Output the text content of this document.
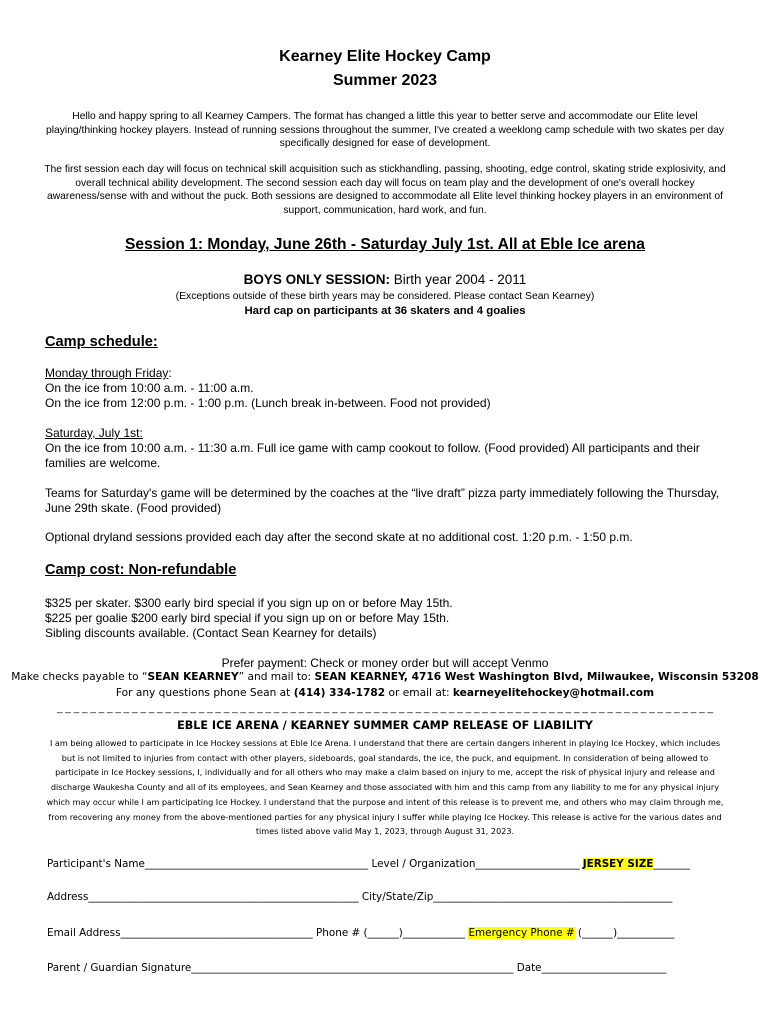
Kearney Elite Hockey Camp
Summer 2023
Hello and happy spring to all Kearney Campers. The format has changed a little this year to better serve and accommodate our Elite level playing/thinking hockey players. Instead of running sessions throughout the summer, I've created a weeklong camp schedule with two skates per day specifically designed for ease of development.
The first session each day will focus on technical skill acquisition such as stickhandling, passing, shooting, edge control, skating stride explosivity, and overall technical ability development. The second session each day will focus on team play and the development of one's overall hockey awareness/sense with and without the puck. Both sessions are designed to accommodate all Elite level thinking hockey players in an environment of support, communication, hard work, and fun.
Session 1: Monday, June 26th - Saturday July 1st. All at Eble Ice arena
BOYS ONLY SESSION: Birth year 2004 - 2011
(Exceptions outside of these birth years may be considered. Please contact Sean Kearney)
Hard cap on participants at 36 skaters and 4 goalies
Camp schedule:
Monday through Friday:
On the ice from 10:00 a.m. - 11:00 a.m.
On the ice from 12:00 p.m. - 1:00 p.m. (Lunch break in-between. Food not provided)
Saturday, July 1st:
On the ice from 10:00 a.m. - 11:30 a.m. Full ice game with camp cookout to follow. (Food provided) All participants and their families are welcome.
Teams for Saturday's game will be determined by the coaches at the “live draft” pizza party immediately following the Thursday, June 29th skate. (Food provided)
Optional dryland sessions provided each day after the second skate at no additional cost. 1:20 p.m. - 1:50 p.m.
Camp cost: Non-refundable
$325 per skater. $300 early bird special if you sign up on or before May 15th.
$225 per goalie $200 early bird special if you sign up on or before May 15th.
Sibling discounts available. (Contact Sean Kearney for details)
Prefer payment: Check or money order but will accept Venmo
Make checks payable to “SEAN KEARNEY” and mail to: SEAN KEARNEY, 4716 West Washington Blvd, Milwaukee, Wisconsin 53208
For any questions phone Sean at (414) 334-1782 or email at: kearneyelitehockey@hotmail.com
_ _ _ _ _ _ _ _ _ _ _ _ _ _ _ _ _ _ _ _ _ _ _ _ _ _ _ _ _ _ _ _ _ _ _ _ _ _ _ _ _ _ _ _ _ _ _ _ _ _ _ _ _ _ _ _ _ _ _ _ _ _ _ _ _ _ _ _ _ _ _ _ _ _ _ _ _ _ _
EBLE ICE ARENA / KEARNEY SUMMER CAMP RELEASE OF LIABILITY
I am being allowed to participate in Ice Hockey sessions at Eble Ice Arena. I understand that there are certain dangers inherent in playing Ice Hockey, which includes but is not limited to injuries from contact with other players, sideboards, goal standards, the ice, the puck, and equipment. In consideration of being allowed to participate in Ice Hockey sessions, I, individually and for all others who may make a claim based on injury to me, accept the risk of physical injury and release and discharge Waukesha County and all of its employees, and Sean Kearney and those associated with him and this camp from any liability to me for any physical injury which may occur while I am participating Ice Hockey. I understand that the purpose and intent of this release is to prevent me, and others who may claim through me, from recovering any money from the above-mentioned parties for any physical injury I suffer while playing Ice Hockey. This release is active for the various dates and times listed above valid May 1, 2023, through August 31, 2023.
Participant's Name___________________________________________ Level / Organization____________________ JERSEY SIZE_______
Address____________________________________________________ City/State/Zip______________________________________________
Email Address_____________________________________ Phone # (______)____________ Emergency Phone # (______)___________
Parent / Guardian Signature______________________________________________________________ Date________________________
